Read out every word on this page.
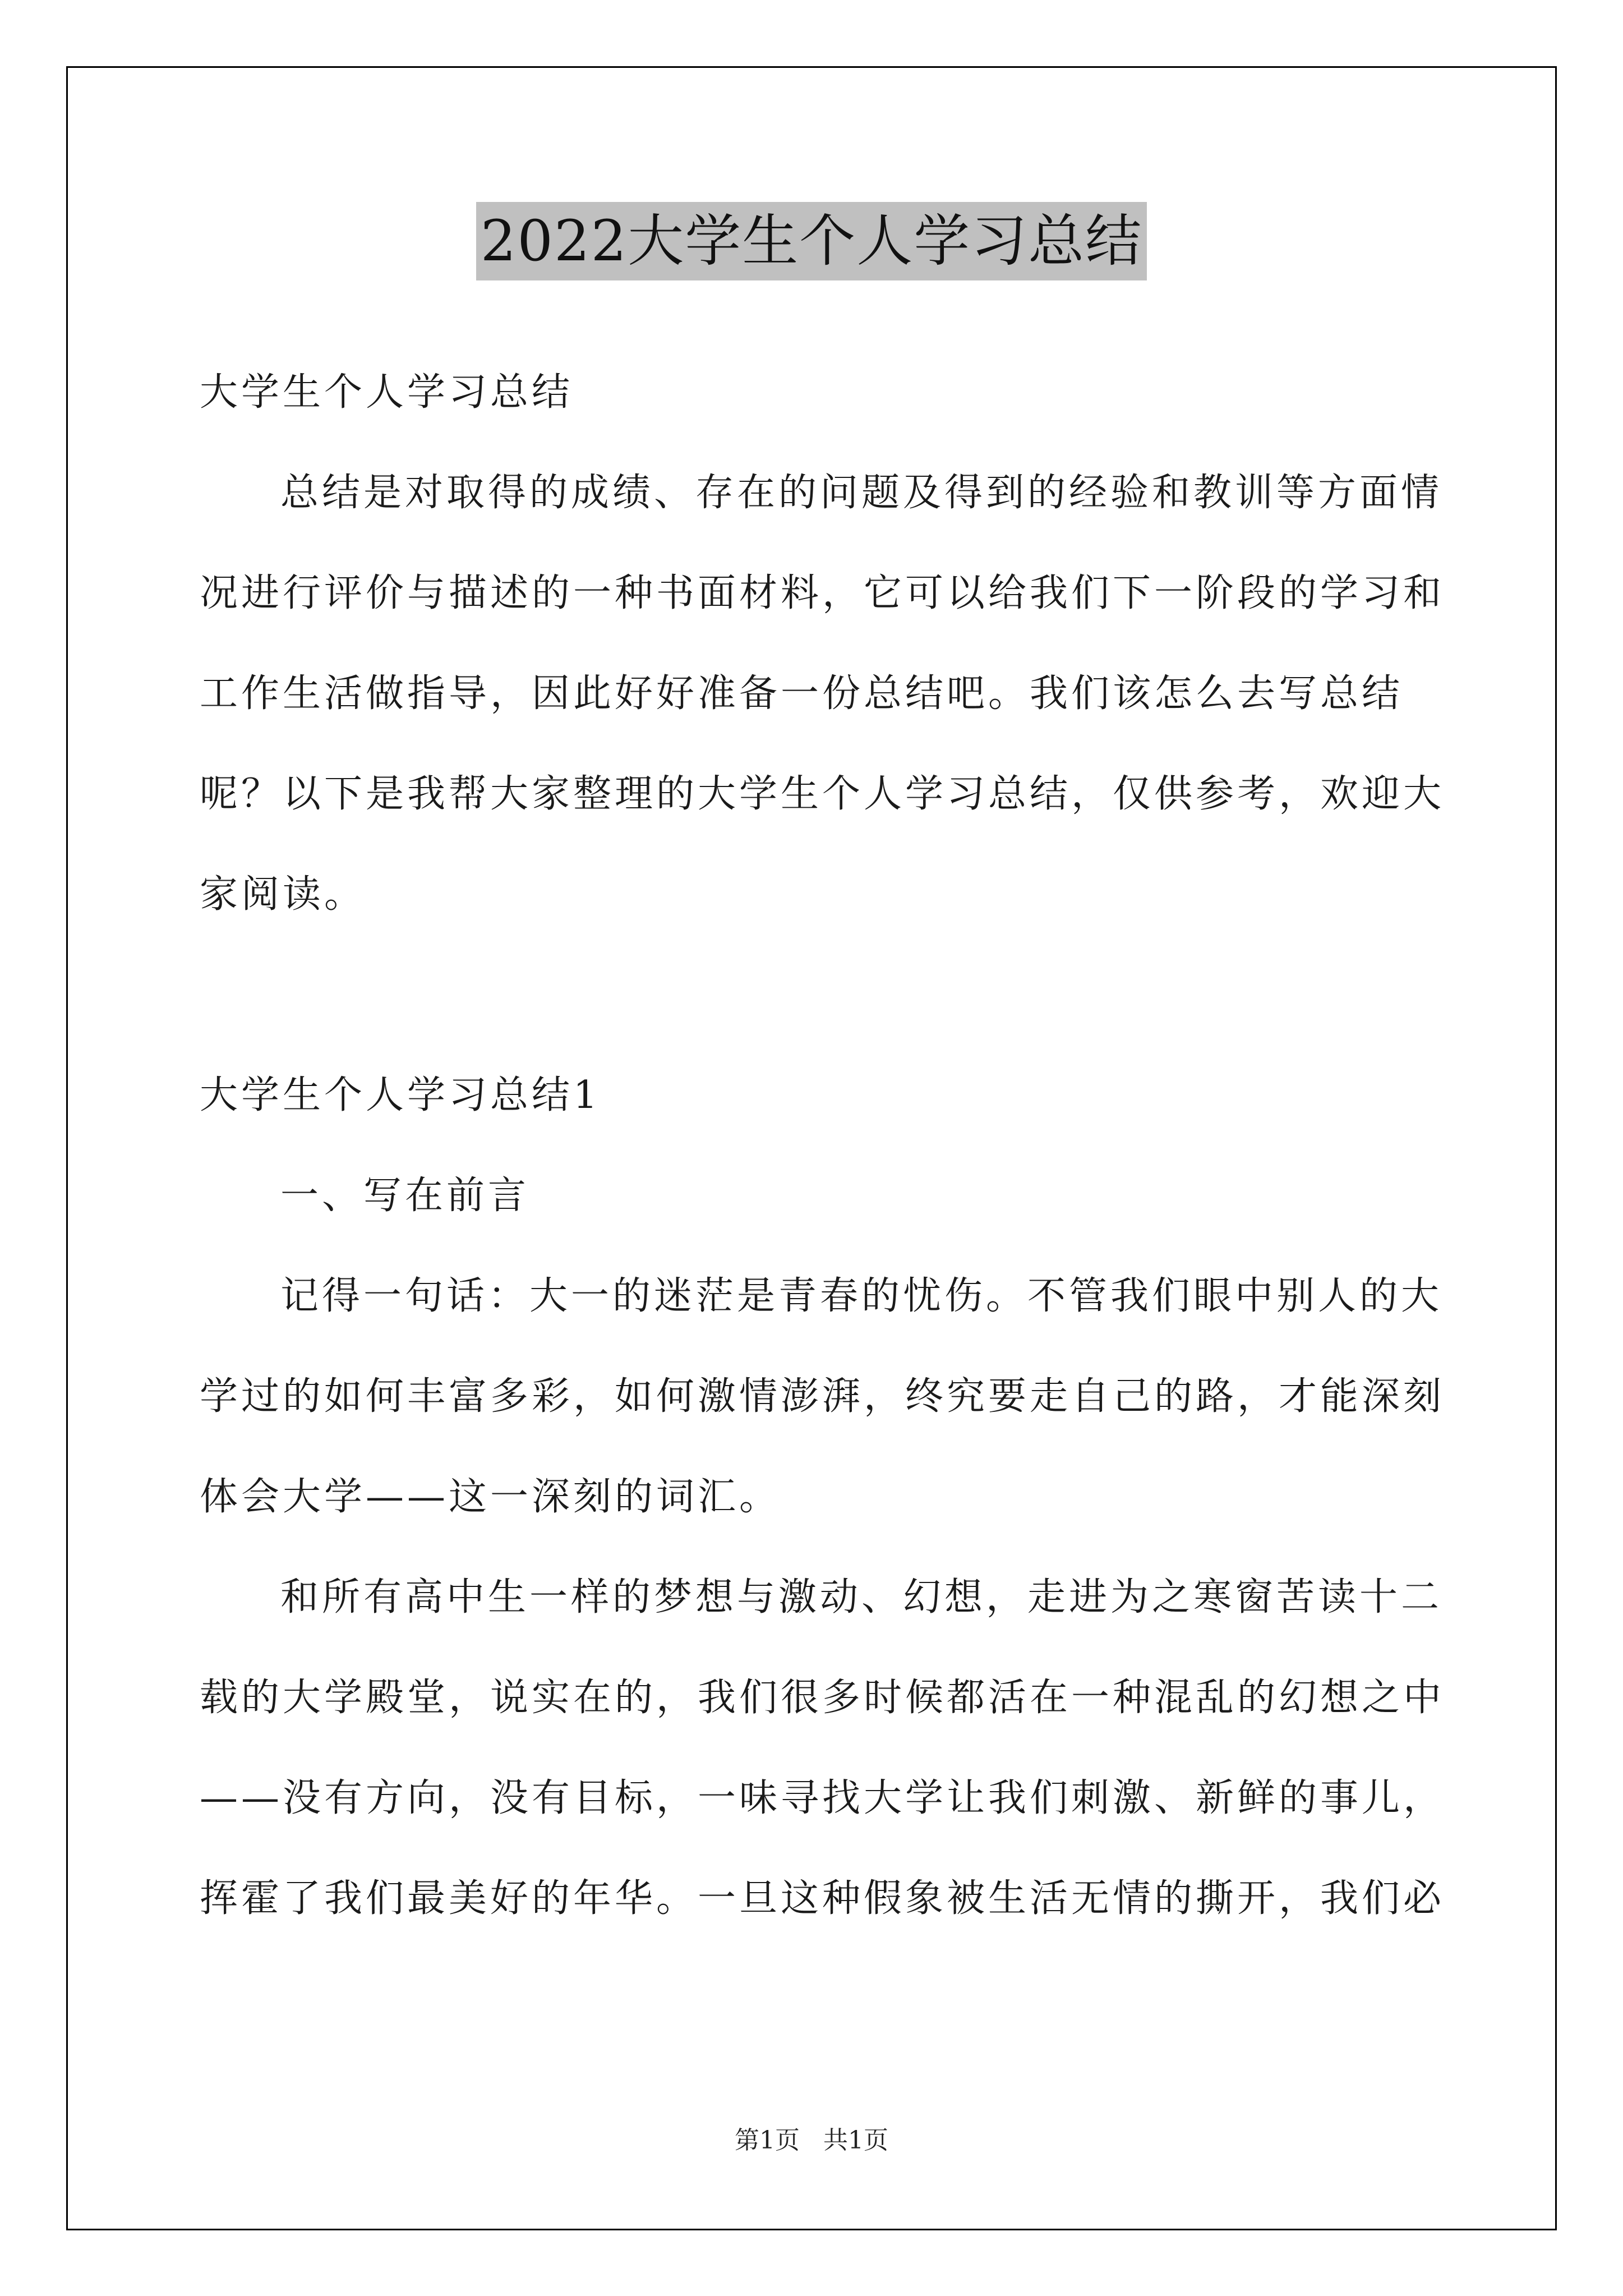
2022大学生个人学习总结

大学生个人学习总结

总结是对取得的成绩、存在的问题及得到的经验和教训等方面情况进行评价与描述的一种书面材料，它可以给我们下一阶段的学习和工作生活做指导，因此好好准备一份总结吧。我们该怎么去写总结呢？以下是我帮大家整理的大学生个人学习总结，仅供参考，欢迎大家阅读。

大学生个人学习总结1

一、写在前言

记得一句话：大一的迷茫是青春的忧伤。不管我们眼中别人的大学过的如何丰富多彩，如何激情澎湃，终究要走自己的路，才能深刻体会大学——这一深刻的词汇。

和所有高中生一样的梦想与激动、幻想，走进为之寒窗苦读十二载的大学殿堂，说实在的，我们很多时候都活在一种混乱的幻想之中——没有方向，没有目标，一味寻找大学让我们刺激、新鲜的事儿，挥霍了我们最美好的年华。一旦这种假象被生活无情的撕开，我们必

第1页 共1页
